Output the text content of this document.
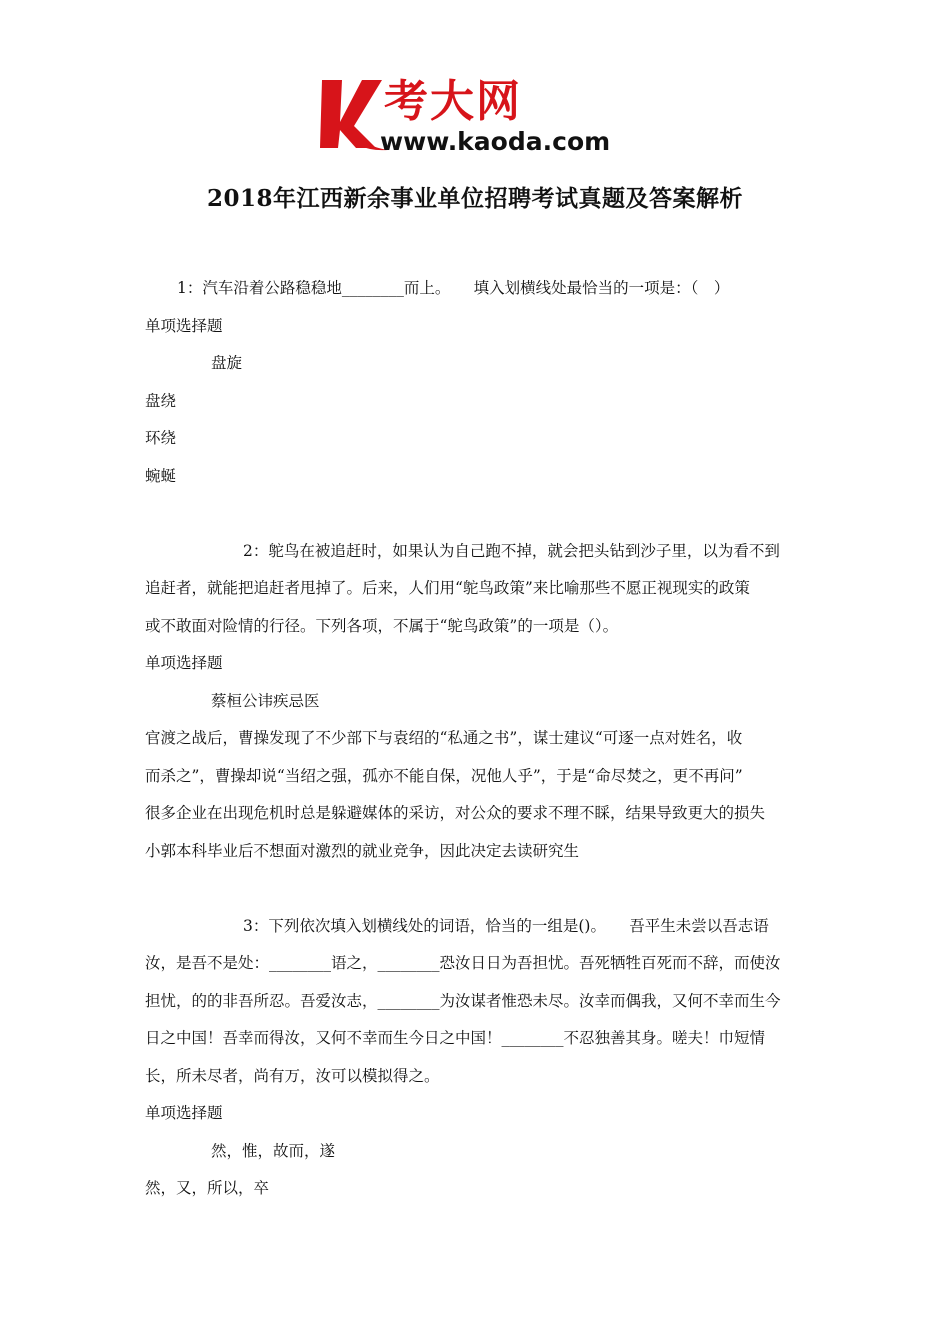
考大网
www.kaoda.com
2018年江西新余事业单位招聘考试真题及答案解析
1：汽车沿着公路稳稳地________而上。　　填入划横线处最恰当的一项是：（　）
单项选择题
盘旋
盘绕
环绕
蜿蜒
2：鸵鸟在被追赶时，如果认为自己跑不掉，就会把头钻到沙子里，以为看不到
追赶者，就能把追赶者甩掉了。后来，人们用“鸵鸟政策”来比喻那些不愿正视现实的政策
或不敢面对险情的行径。下列各项，不属于“鸵鸟政策”的一项是（）。
单项选择题
蔡桓公讳疾忌医
官渡之战后，曹操发现了不少部下与袁绍的“私通之书”，谋士建议“可逐一点对姓名，收
而杀之”，曹操却说“当绍之强，孤亦不能自保，况他人乎”，于是“命尽焚之，更不再问”
很多企业在出现危机时总是躲避媒体的采访，对公众的要求不理不睬，结果导致更大的损失
小郭本科毕业后不想面对激烈的就业竞争，因此决定去读研究生
3：下列依次填入划横线处的词语，恰当的一组是()。　　吾平生未尝以吾志语
汝，是吾不是处：________语之，________恐汝日日为吾担忧。吾死牺牲百死而不辞，而使汝
担忧，的的非吾所忍。吾爱汝志，________为汝谋者惟恐未尽。汝幸而偶我，又何不幸而生今
日之中国！吾幸而得汝，又何不幸而生今日之中国！________不忍独善其身。嗟夫！巾短情
长，所未尽者，尚有万，汝可以模拟得之。
单项选择题
然，惟，故而，遂
然，又，所以，卒
